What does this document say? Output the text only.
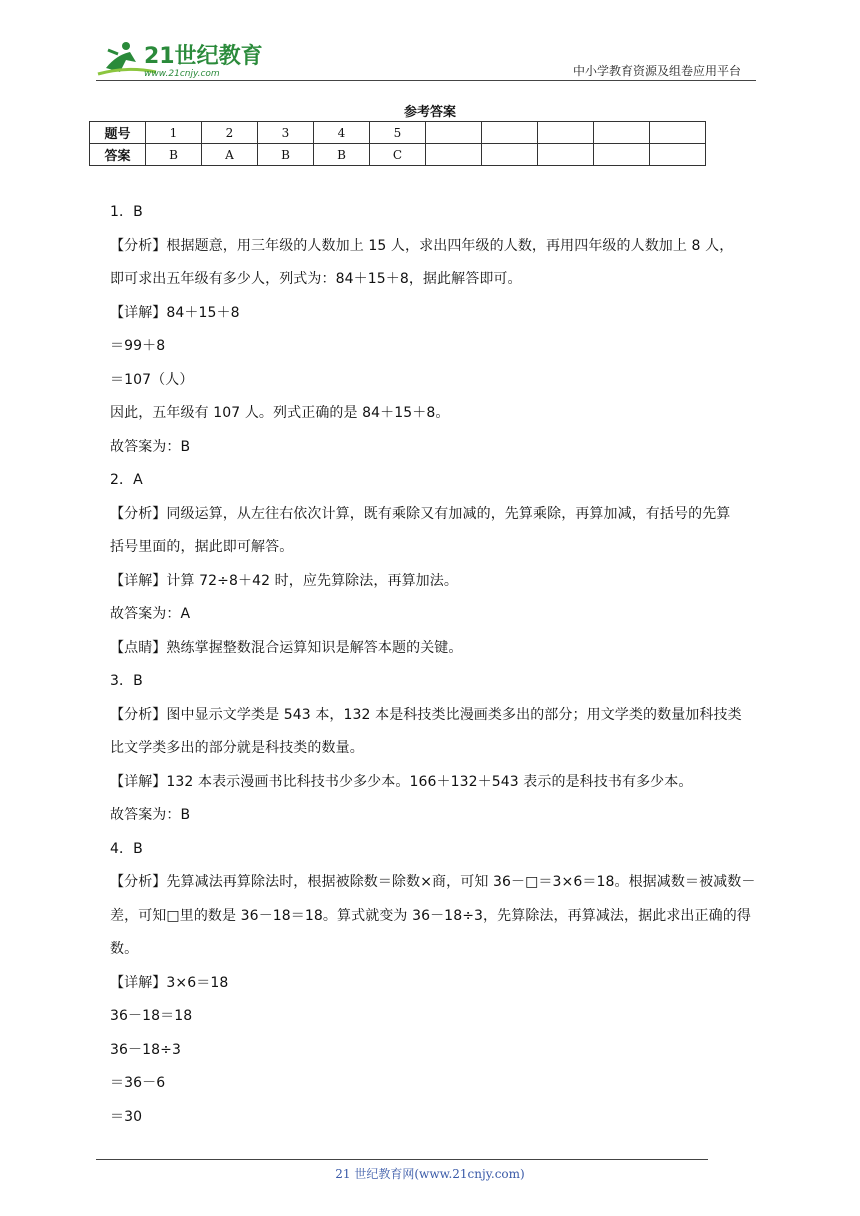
21世纪教育
www.21cnjy.com	中小学教育资源及组卷应用平台
参考答案
题号	1	2	3	4	5					
答案	B	A	B	B	C					
1．B
【分析】根据题意，用三年级的人数加上 15 人，求出四年级的人数，再用四年级的人数加上 8 人，
即可求出五年级有多少人，列式为：84＋15＋8，据此解答即可。
【详解】84＋15＋8
＝99＋8
＝107（人）
因此，五年级有 107 人。列式正确的是 84＋15＋8。
故答案为：B
2．A
【分析】同级运算，从左往右依次计算，既有乘除又有加减的，先算乘除，再算加减，有括号的先算
括号里面的，据此即可解答。
【详解】计算 72÷8＋42 时，应先算除法，再算加法。
故答案为：A
【点睛】熟练掌握整数混合运算知识是解答本题的关键。
3．B
【分析】图中显示文学类是 543 本，132 本是科技类比漫画类多出的部分；用文学类的数量加科技类
比文学类多出的部分就是科技类的数量。
【详解】132 本表示漫画书比科技书少多少本。166＋132＋543 表示的是科技书有多少本。
故答案为：B
4．B
【分析】先算减法再算除法时，根据被除数＝除数×商，可知 36－□＝3×6＝18。根据减数＝被减数－
差，可知□里的数是 36－18＝18。算式就变为 36－18÷3，先算除法，再算减法，据此求出正确的得
数。
【详解】3×6＝18
36－18＝18
36－18÷3
＝36－6
＝30
21 世纪教育网(www.21cnjy.com)
